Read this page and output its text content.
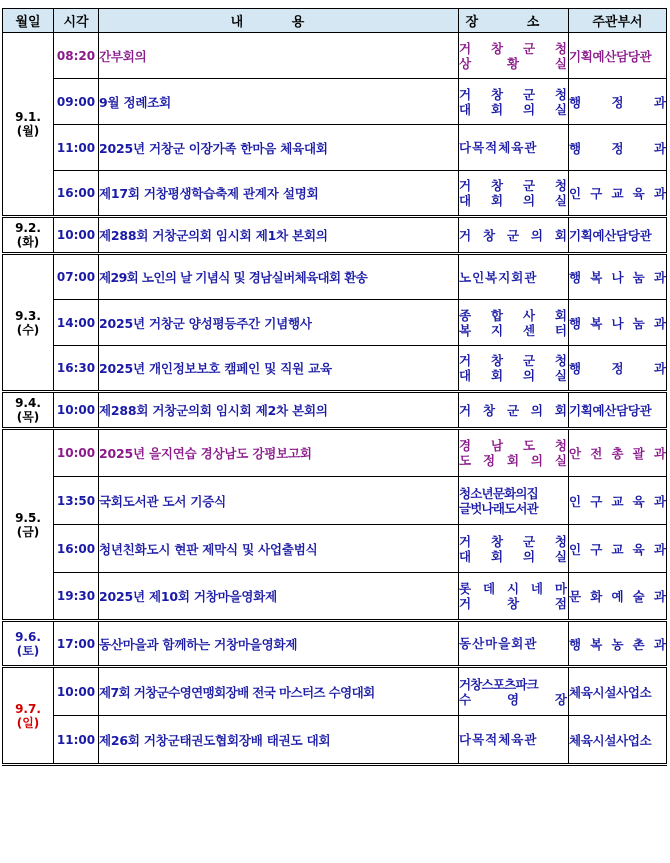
월일	시각	내 용	장 소	주관부서

9.1.
(월)	08:20	간부회의	거 창 군 청
상 황 실	기획예산담당관
	09:00	9월 정례조회	거 창 군 청
대 회 의 실	행 정 과
	11:00	2025년 거창군 이장가족 한마음 체육대회	다목적체육관	행 정 과
	16:00	제17회 거창평생학습축제 관계자 설명회	거 창 군 청
대 회 의 실	인 구 교 육 과

9.2.
(화)	10:00	제288회 거창군의회 임시회 제1차 본회의	거 창 군 의 회	기획예산담당관

9.3.
(수)	07:00	제29회 노인의 날 기념식 및 경남실버체육대회 환송	노인복지회관	행 복 나 눔 과
	14:00	2025년 거창군 양성평등주간 기념행사	종 합 사 회
복 지 센 터	행 복 나 눔 과
	16:30	2025년 개인정보보호 캠페인 및 직원 교육	거 창 군 청
대 회 의 실	행 정 과

9.4.
(목)	10:00	제288회 거창군의회 임시회 제2차 본회의	거 창 군 의 회	기획예산담당관

9.5.
(금)	10:00	2025년 을지연습 경상남도 강평보고회	경 남 도 청
도 정 회 의 실	안 전 총 괄 과
	13:50	국회도서관 도서 기증식	청소년문화의집
글벗나래도서관	인 구 교 육 과
	16:00	청년친화도시 현판 제막식 및 사업출범식	거 창 군 청
대 회 의 실	인 구 교 육 과
	19:30	2025년 제10회 거창마을영화제	롯 데 시 네 마
거 창 점	문 화 예 술 과

9.6.
(토)	17:00	동산마을과 함께하는 거창마을영화제	동산마을회관	행 복 농 촌 과

9.7.
(일)	10:00	제7회 거창군수영연맹회장배 전국 마스터즈 수영대회	거창스포츠파크
수 영 장	체육시설사업소
	11:00	제26회 거창군태권도협회장배 태권도 대회	다목적체육관	체육시설사업소
